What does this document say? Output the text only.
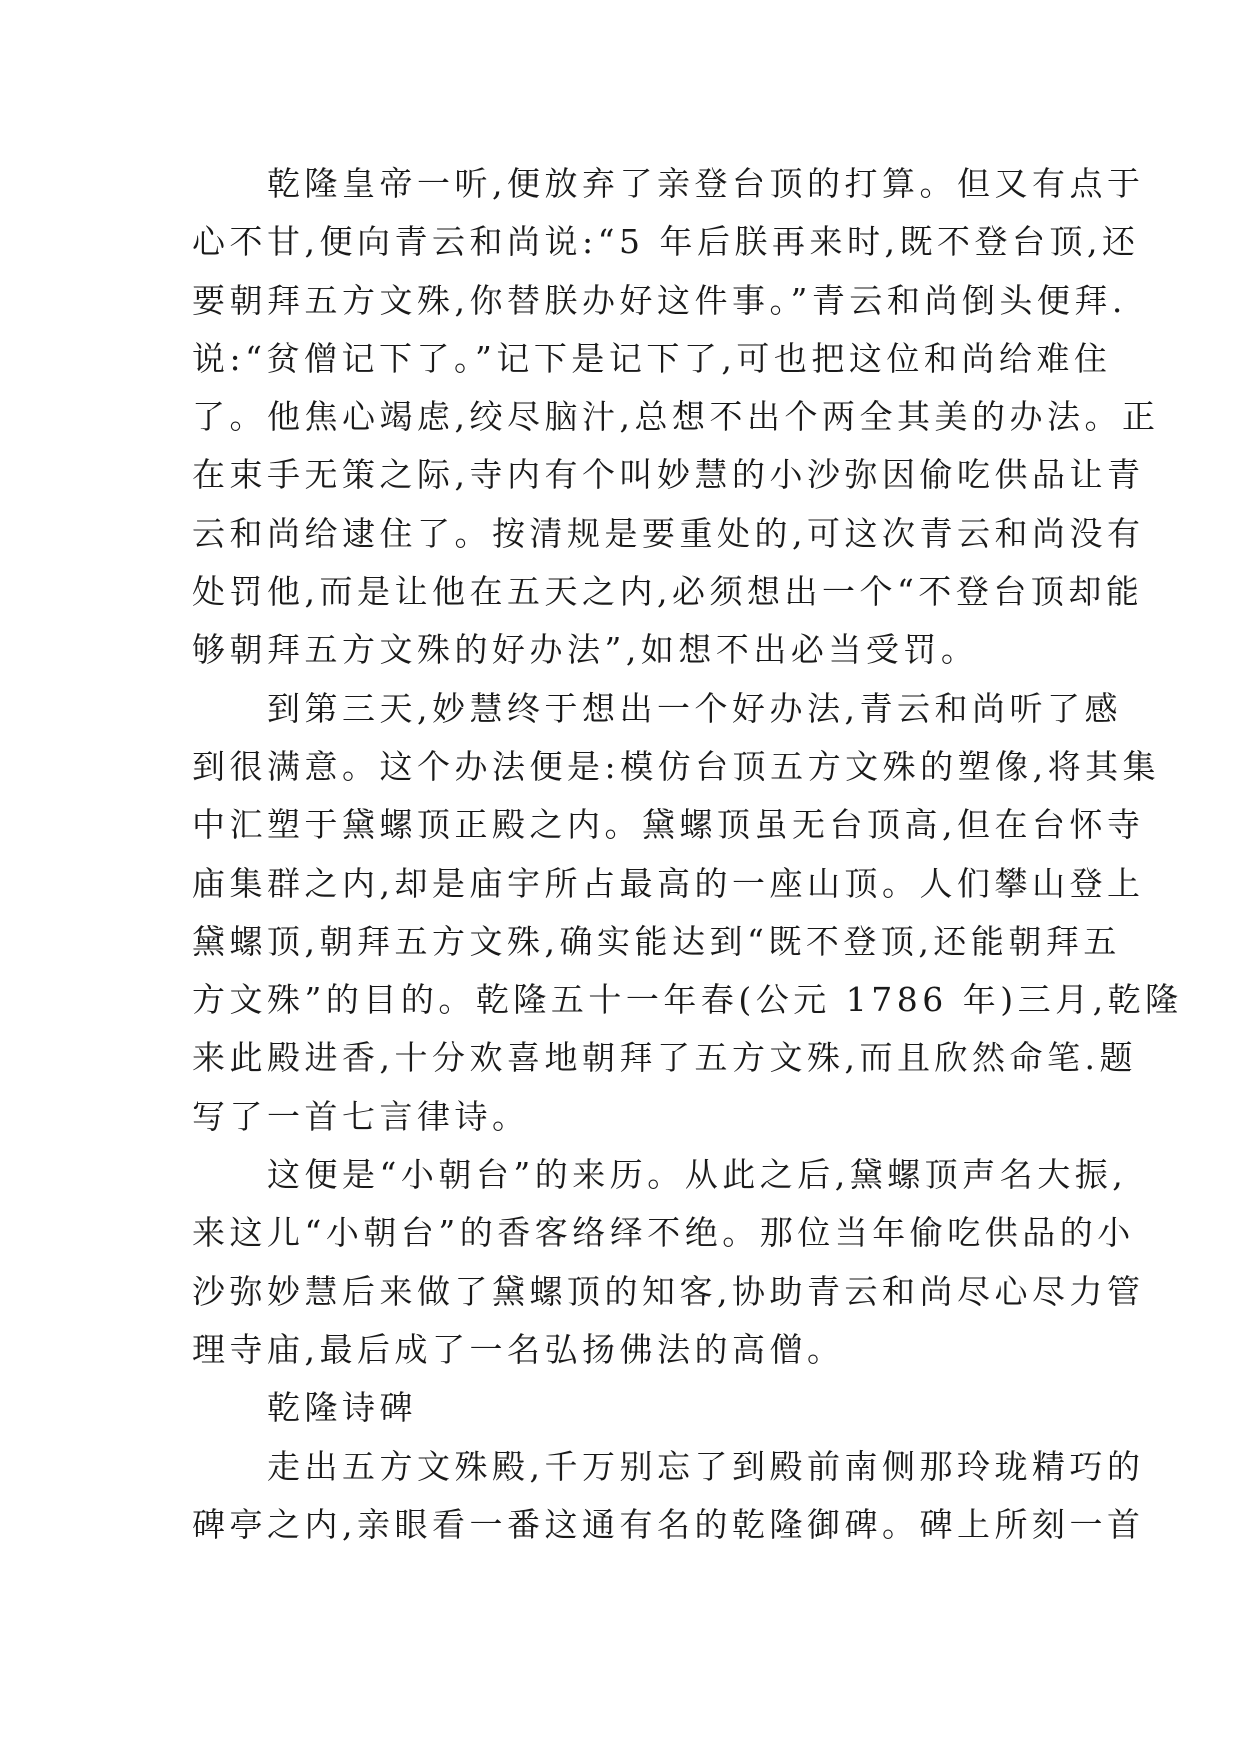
乾隆皇帝一听,便放弃了亲登台顶的打算。但又有点于
心不甘,便向青云和尚说:“5 年后朕再来时,既不登台顶,还
要朝拜五方文殊,你替朕办好这件事。”青云和尚倒头便拜.
说:“贫僧记下了。”记下是记下了,可也把这位和尚给难住
了。他焦心竭虑,绞尽脑汁,总想不出个两全其美的办法。正
在束手无策之际,寺内有个叫妙慧的小沙弥因偷吃供品让青
云和尚给逮住了。按清规是要重处的,可这次青云和尚没有
处罚他,而是让他在五天之内,必须想出一个“不登台顶却能
够朝拜五方文殊的好办法”,如想不出必当受罚。
到第三天,妙慧终于想出一个好办法,青云和尚听了感
到很满意。这个办法便是:模仿台顶五方文殊的塑像,将其集
中汇塑于黛螺顶正殿之内。黛螺顶虽无台顶高,但在台怀寺
庙集群之内,却是庙宇所占最高的一座山顶。人们攀山登上
黛螺顶,朝拜五方文殊,确实能达到“既不登顶,还能朝拜五
方文殊”的目的。乾隆五十一年春(公元 1786 年)三月,乾隆
来此殿进香,十分欢喜地朝拜了五方文殊,而且欣然命笔.题
写了一首七言律诗。
这便是“小朝台”的来历。从此之后,黛螺顶声名大振,
来这儿“小朝台”的香客络绎不绝。那位当年偷吃供品的小
沙弥妙慧后来做了黛螺顶的知客,协助青云和尚尽心尽力管
理寺庙,最后成了一名弘扬佛法的高僧。
乾隆诗碑
走出五方文殊殿,千万别忘了到殿前南侧那玲珑精巧的
碑亭之内,亲眼看一番这通有名的乾隆御碑。碑上所刻一首
